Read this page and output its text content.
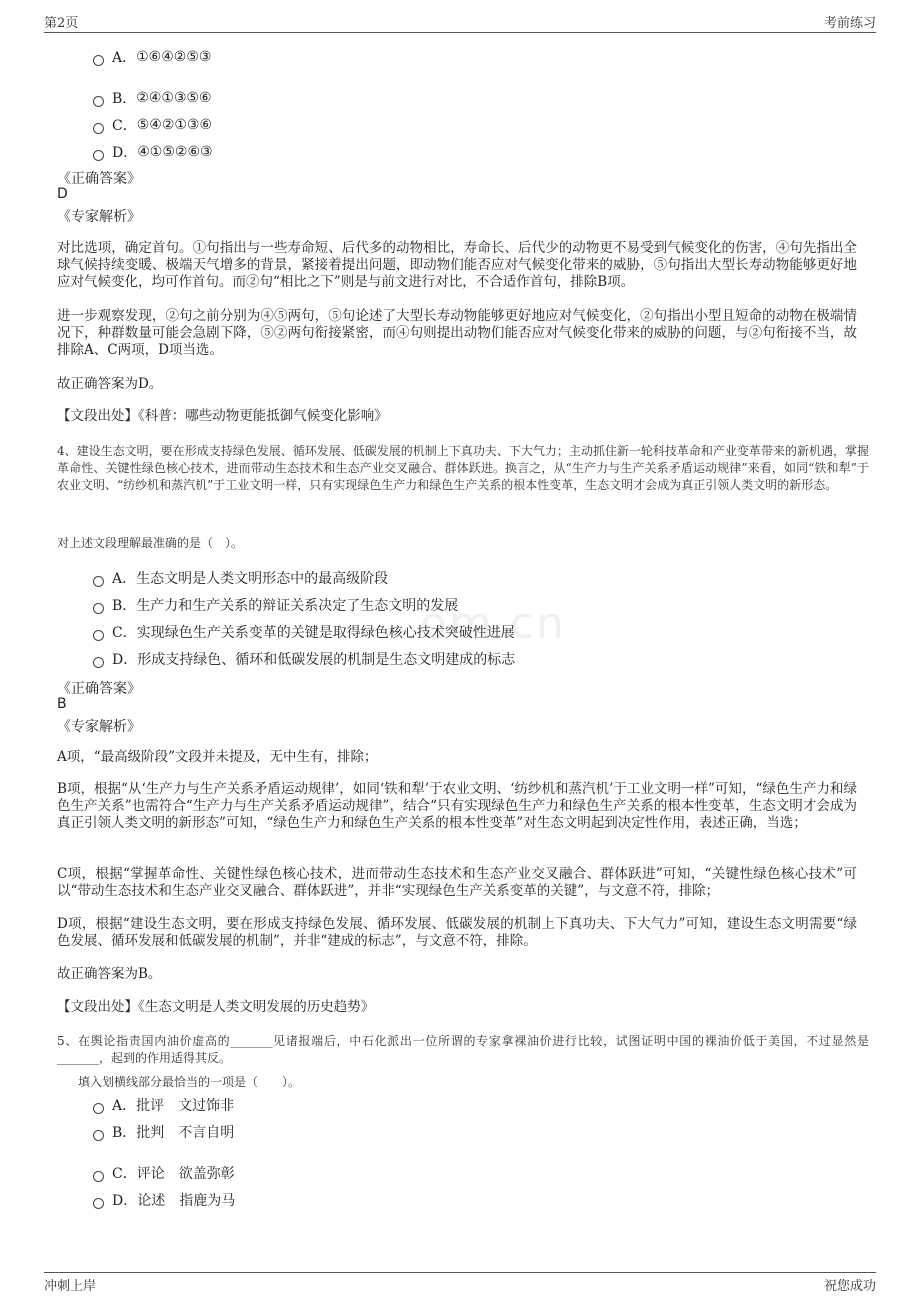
第2页	考前练习
A． ①⑥④②⑤③
B． ②④①③⑤⑥
C． ⑤④②①③⑥
D． ④①⑤②⑥③
《正确答案》
D
《专家解析》

对比选项，确定首句。①句指出与一些寿命短、后代多的动物相比，寿命长、后代少的动物更不易受到气候变化的伤害，④句先指出全球气候持续变暖、极端天气增多的背景，紧接着提出问题，即动物们能否应对气候变化带来的威胁，⑤句指出大型长寿动物能够更好地应对气候变化，均可作首句。而②句“相比之下”则是与前文进行对比，不合适作首句，排除B项。

进一步观察发现，②句之前分别为④⑤两句，⑤句论述了大型长寿动物能够更好地应对气候变化，②句指出小型且短命的动物在极端情况下，种群数量可能会急剧下降，⑤②两句衔接紧密，而④句则提出动物们能否应对气候变化带来的威胁的问题，与②句衔接不当，故排除A、C两项，D项当选。

故正确答案为D。

【文段出处】《科普：哪些动物更能抵御气候变化影响》

4、建设生态文明，要在形成支持绿色发展、循环发展、低碳发展的机制上下真功夫、下大气力；主动抓住新一轮科技革命和产业变革带来的新机遇，掌握革命性、关键性绿色核心技术，进而带动生态技术和生态产业交叉融合、群体跃进。换言之，从“生产力与生产关系矛盾运动规律”来看，如同“铁和犁”于农业文明、“纺纱机和蒸汽机”于工业文明一样，只有实现绿色生产力和绿色生产关系的根本性变革，生态文明才会成为真正引领人类文明的新形态。

对上述文段理解最准确的是（　）。
A． 生态文明是人类文明形态中的最高级阶段
B． 生产力和生产关系的辩证关系决定了生态文明的发展
C． 实现绿色生产关系变革的关键是取得绿色核心技术突破性进展
D． 形成支持绿色、循环和低碳发展的机制是生态文明建成的标志
《正确答案》
B
《专家解析》

A项，“最高级阶段”文段并未提及，无中生有，排除；

B项，根据“从‘生产力与生产关系矛盾运动规律’，如同‘铁和犁’于农业文明、‘纺纱机和蒸汽机’于工业文明一样”可知，“绿色生产力和绿色生产关系”也需符合“生产力与生产关系矛盾运动规律”，结合“只有实现绿色生产力和绿色生产关系的根本性变革，生态文明才会成为真正引领人类文明的新形态”可知，“绿色生产力和绿色生产关系的根本性变革”对生态文明起到决定性作用，表述正确，当选；

C项，根据“掌握革命性、关键性绿色核心技术，进而带动生态技术和生态产业交叉融合、群体跃进”可知，“关键性绿色核心技术”可以“带动生态技术和生态产业交叉融合、群体跃进”，并非“实现绿色生产关系变革的关键”，与文意不符，排除；

D项，根据“建设生态文明，要在形成支持绿色发展、循环发展、低碳发展的机制上下真功夫、下大气力”可知，建设生态文明需要“绿色发展、循环发展和低碳发展的机制”，并非“建成的标志”，与文意不符，排除。

故正确答案为B。

【文段出处】《生态文明是人类文明发展的历史趋势》

5、在舆论指责国内油价虚高的_______见诸报端后，中石化派出一位所谓的专家拿裸油价进行比较，试图证明中国的裸油价低于美国，不过显然是_______，起到的作用适得其反。

填入划横线部分最恰当的一项是（　　）。
A． 批评 文过饰非
B． 批判 不言自明
C． 评论 欲盖弥彰
D． 论述 指鹿为马
om.cn
冲刺上岸	祝您成功
